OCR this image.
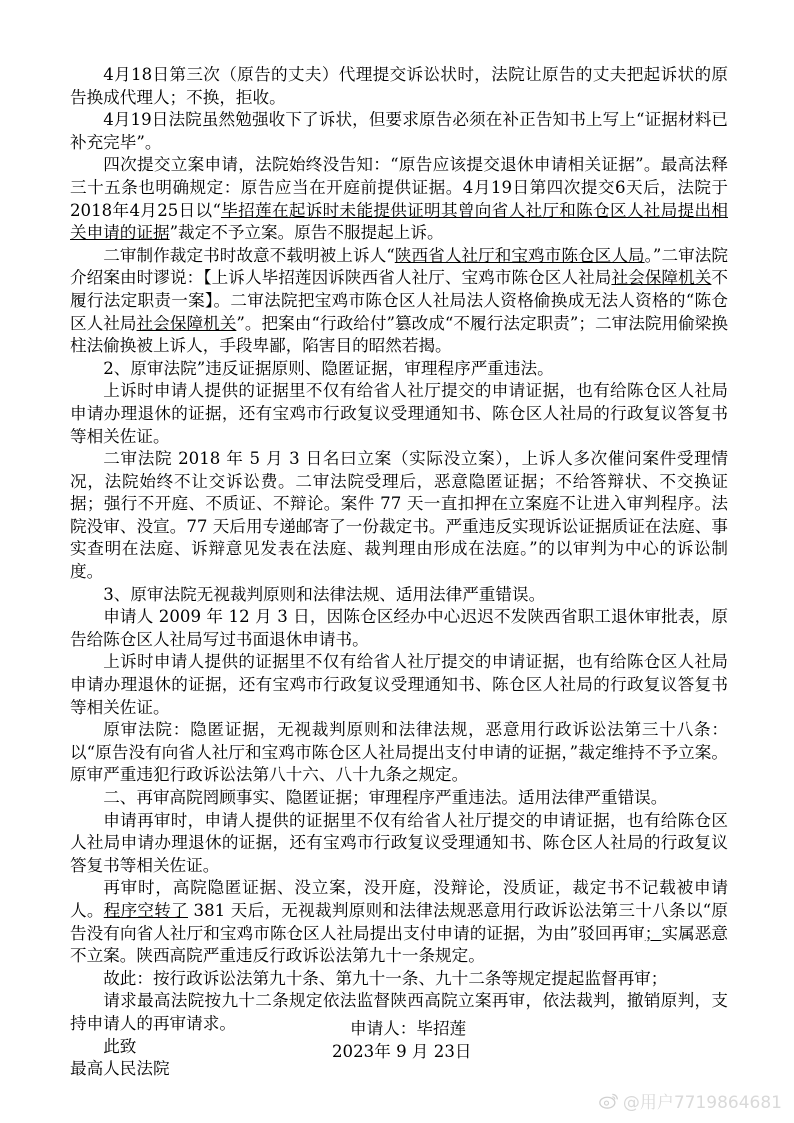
4月18日第三次（原告的丈夫）代理提交诉讼状时，法院让原告的丈夫把起诉状的原告换成代理人；不换，拒收。

4月19日法院虽然勉强收下了诉状，但要求原告必须在补正告知书上写上“证据材料已补充完毕”。

四次提交立案申请，法院始终没告知：“原告应该提交退休申请相关证据”。最高法释三十五条也明确规定：原告应当在开庭前提供证据。4月19日第四次提交6天后，法院于2018年4月25日以“毕招莲在起诉时未能提供证明其曾向省人社厅和陈仓区人社局提出相关申请的证据”裁定不予立案。原告不服提起上诉。

二审制作裁定书时故意不载明被上诉人“陕西省人社厅和宝鸡市陈仓区人局。”二审法院介绍案由时谬说：【上诉人毕招莲因诉陕西省人社厅、宝鸡市陈仓区人社局社会保障机关不履行法定职责一案】。二审法院把宝鸡市陈仓区人社局法人资格偷换成无法人资格的“陈仓区人社局社会保障机关”。把案由“行政给付”篡改成“不履行法定职责”；二审法院用偷梁换柱法偷换被上诉人，手段卑鄙，陷害目的昭然若揭。

2、原审法院”违反证据原则、隐匿证据，审理程序严重违法。

上诉时申请人提供的证据里不仅有给省人社厅提交的申请证据，也有给陈仓区人社局申请办理退休的证据，还有宝鸡市行政复议受理通知书、陈仓区人社局的行政复议答复书等相关佐证。

二审法院 2018 年 5 月 3 日名曰立案（实际没立案），上诉人多次催问案件受理情况，法院始终不让交诉讼费。二审法院受理后，恶意隐匿证据；不给答辩状、不交换证据；强行不开庭、不质证、不辩论。案件 77 天一直扣押在立案庭不让进入审判程序。法院没审、没宣。77 天后用专递邮寄了一份裁定书。严重违反实现诉讼证据质证在法庭、事实查明在法庭、诉辩意见发表在法庭、裁判理由形成在法庭。”的以审判为中心的诉讼制度。

3、原审法院无视裁判原则和法律法规、适用法律严重错误。

申请人 2009 年 12 月 3 日，因陈仓区经办中心迟迟不发陕西省职工退休审批表，原告给陈仓区人社局写过书面退休申请书。

上诉时申请人提供的证据里不仅有给省人社厅提交的申请证据，也有给陈仓区人社局申请办理退休的证据，还有宝鸡市行政复议受理通知书、陈仓区人社局的行政复议答复书等相关佐证。

原审法院：隐匿证据，无视裁判原则和法律法规，恶意用行政诉讼法第三十八条：以“原告没有向省人社厅和宝鸡市陈仓区人社局提出支付申请的证据，”裁定维持不予立案。原审严重违犯行政诉讼法第八十六、八十九条之规定。

二、再审高院罔顾事实、隐匿证据；审理程序严重违法。适用法律严重错误。

申请再审时，申请人提供的证据里不仅有给省人社厅提交的申请证据，也有给陈仓区人社局申请办理退休的证据，还有宝鸡市行政复议受理通知书、陈仓区人社局的行政复议答复书等相关佐证。

再审时，高院隐匿证据、没立案，没开庭，没辩论，没质证，裁定书不记载被申请人。程序空转了 381 天后，无视裁判原则和法律法规恶意用行政诉讼法第三十八条以“原告没有向省人社厅和宝鸡市陈仓区人社局提出支付申请的证据，为由”驳回再审；实属恶意不立案。陕西高院严重违反行政诉讼法第九十一条规定。

故此：按行政诉讼法第九十条、第九十一条、九十二条等规定提起监督再审；

请求最高法院按九十二条规定依法监督陕西高院立案再审，依法裁判，撤销原判，支持申请人的再审请求。

此致

最高人民法院

申请人：毕招莲
2023年 9 月 23日
@用户7719864681
